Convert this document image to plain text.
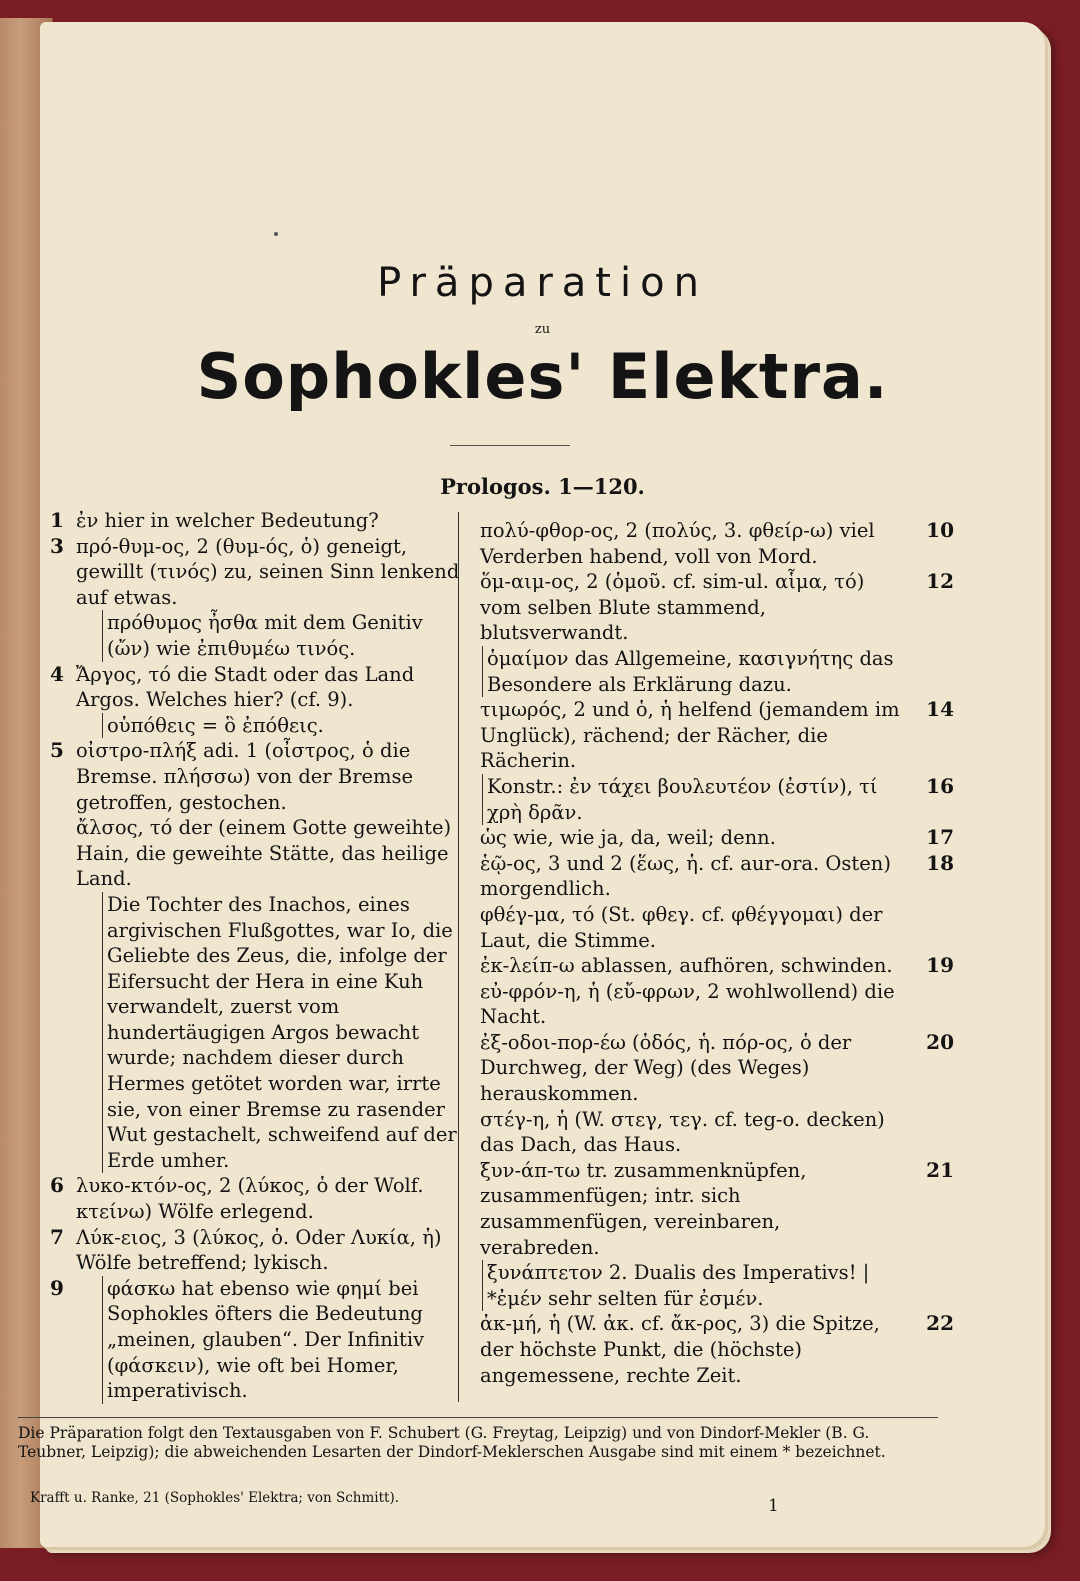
Präparation
zu
Sophokles' Elektra.
Prologos. 1—120.
1 ἐν hier in welcher Bedeutung?
3 πρό-θυμ-ος, 2 (θυμ-ός, ὁ) geneigt, gewillt (τινός) zu, seinen Sinn lenkend auf etwas.
πρόθυμος ἦσθα mit dem Genitiv (ὤν) wie ἐπιθυμέω τινός.
4 Ἄργος, τό die Stadt oder das Land Argos. Welches hier? (cf. 9).
οὑπόθεις = ὃ ἐπόθεις.
5 οἰστρο-πλήξ adi. 1 (οἶστρος, ὁ die Bremse. πλήσσω) von der Bremse getroffen, gestochen.
ἄλσος, τό der (einem Gotte geweihte) Hain, die geweihte Stätte, das heilige Land.
Die Tochter des Inachos, eines argivischen Flußgottes, war Io, die Geliebte des Zeus, die, infolge der Eifersucht der Hera in eine Kuh verwandelt, zuerst vom hundertäugigen Argos bewacht wurde; nachdem dieser durch Hermes getötet worden war, irrte sie, von einer Bremse zu rasender Wut gestachelt, schweifend auf der Erde umher.
6 λυκο-κτόν-ος, 2 (λύκος, ὁ der Wolf. κτείνω) Wölfe erlegend.
7 Λύκ-ειος, 3 (λύκος, ὁ. Oder Λυκία, ἡ) Wölfe betreffend; lykisch.
9 φάσκω hat ebenso wie φημί bei Sophokles öfters die Bedeutung „meinen, glauben“. Der Infinitiv (φάσκειν), wie oft bei Homer, imperativisch.
10
πολύ-φθορ-ος, 2 (πολύς, 3. φθείρ-ω) viel Verderben habend, voll von Mord.
12
ὅμ-αιμ-ος, 2 (ὁμοῦ. cf. sim-ul. αἷμα, τό) vom selben Blute stammend, blutsverwandt.
ὁμαίμον das Allgemeine, κασιγνήτης das Besondere als Erklärung dazu.
14
τιμωρός, 2 und ὁ, ἡ helfend (jemandem im Unglück), rächend; der Rächer, die Rächerin.
16
Konstr.: ἐν τάχει βουλευτέον (ἐστίν), τί χρὴ δρᾶν.
17
ὡς wie, wie ja, da, weil; denn.
18
ἑῷ-ος, 3 und 2 (ἕως, ἡ. cf. aur-ora. Osten) morgendlich.
φθέγ-μα, τό (St. φθεγ. cf. φθέγγομαι) der Laut, die Stimme.
19
ἐκ-λείπ-ω ablassen, aufhören, schwinden.
εὐ-φρόν-η, ἡ (εὔ-φρων, 2 wohlwollend) die Nacht.
20
ἐξ-οδοι-πορ-έω (ὁδός, ἡ. πόρ-ος, ὁ der Durchweg, der Weg) (des Weges) herauskommen.
στέγ-η, ἡ (W. στεγ, τεγ. cf. teg-o. decken) das Dach, das Haus.
21
ξυν-άπ-τω tr. zusammenknüpfen, zusammenfügen; intr. sich zusammenfügen, vereinbaren, verabreden.
ξυνάπτετον 2. Dualis des Imperativs! | *ἐμέν sehr selten für ἐσμέν.
22
ἀκ-μή, ἡ (W. ἀκ. cf. ἄκ-ρος, 3) die Spitze, der höchste Punkt, die (höchste) angemessene, rechte Zeit.
Die Präparation folgt den Textausgaben von F. Schubert (G. Freytag, Leipzig) und von Dindorf-Mekler (B. G. Teubner, Leipzig); die abweichenden Lesarten der Dindorf-Meklerschen Ausgabe sind mit einem * bezeichnet.
Krafft u. Ranke, 21 (Sophokles' Elektra; von Schmitt).	1
